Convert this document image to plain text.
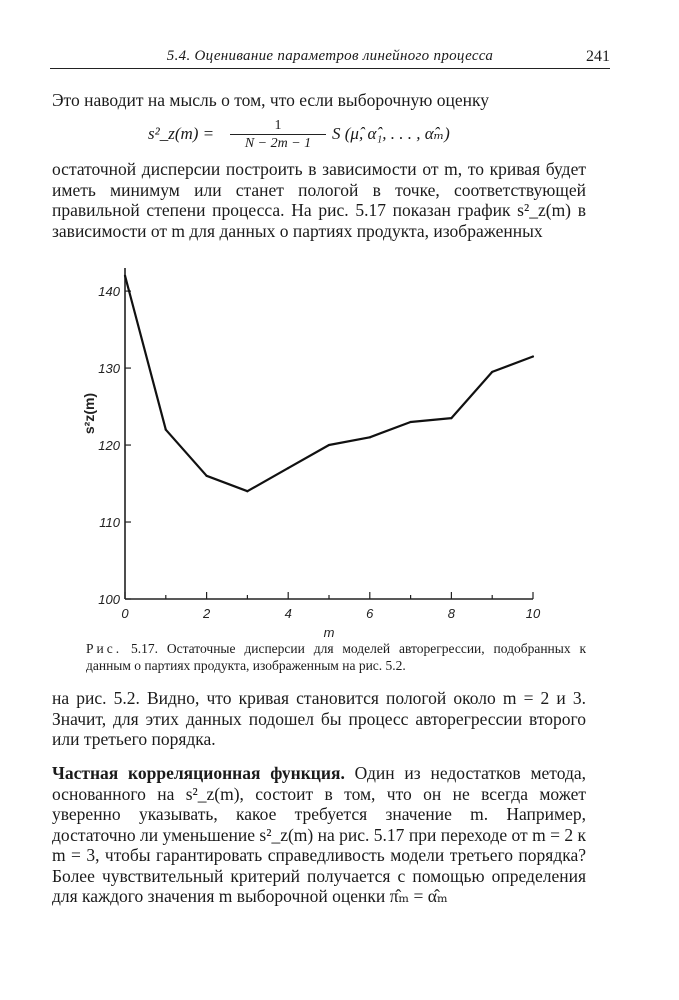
5.4. Оценивание параметров линейного процесса	241
Это наводит на мысль о том, что если выборочную оценку
s²_z(m) = $\frac{1}{N - 2m - 1}$ S (μ̂, α̂₁, . . . , α̂ₘ)
остаточной дисперсии построить в зависимости от m, то кривая будет иметь минимум или станет пологой в точке, соответствующей правильной степени процесса. На рис. 5.17 показан график s²_z(m) в зависимости от m для данных о партиях продукта, изображенных
0	2	4	6	8	10
100
110
120
130
140
m
s²z(m)
Рис. 5.17. Остаточные дисперсии для моделей авторегрессии, подобранных к данным о партиях продукта, изображенным на рис. 5.2.
на рис. 5.2. Видно, что кривая становится пологой около m = 2 и 3. Значит, для этих данных подошел бы процесс авторегрессии второго или третьего порядка.
Частная корреляционная функция. Один из недостатков метода, основанного на s²_z(m), состоит в том, что он не всегда может уверенно указывать, какое требуется значение m. Например, достаточно ли уменьшение s²_z(m) на рис. 5.17 при переходе от m = 2 к m = 3, чтобы гарантировать справедливость модели третьего порядка? Более чувствительный критерий получается с помощью определения для каждого значения m выборочной оценки π̂ₘ = α̂ₘ
